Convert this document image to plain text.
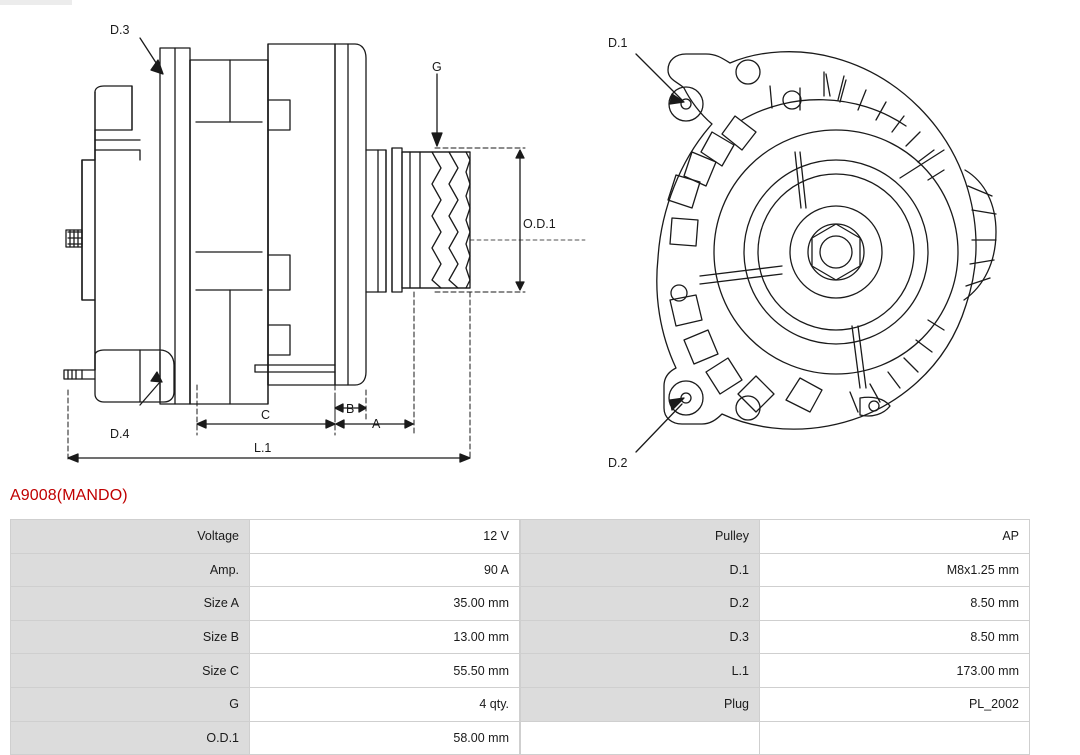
D.3
D.4
G
O.D.1
A
B
C
L.1
D.1
D.2
A9008(MANDO)
Voltage	12 V
Amp.	90 A
Size A	35.00 mm
Size B	13.00 mm
Size C	55.50 mm
G	4 qty.
O.D.1	58.00 mm
Pulley	AP
D.1	M8x1.25 mm
D.2	8.50 mm
D.3	8.50 mm
L.1	173.00 mm
Plug	PL_2002
